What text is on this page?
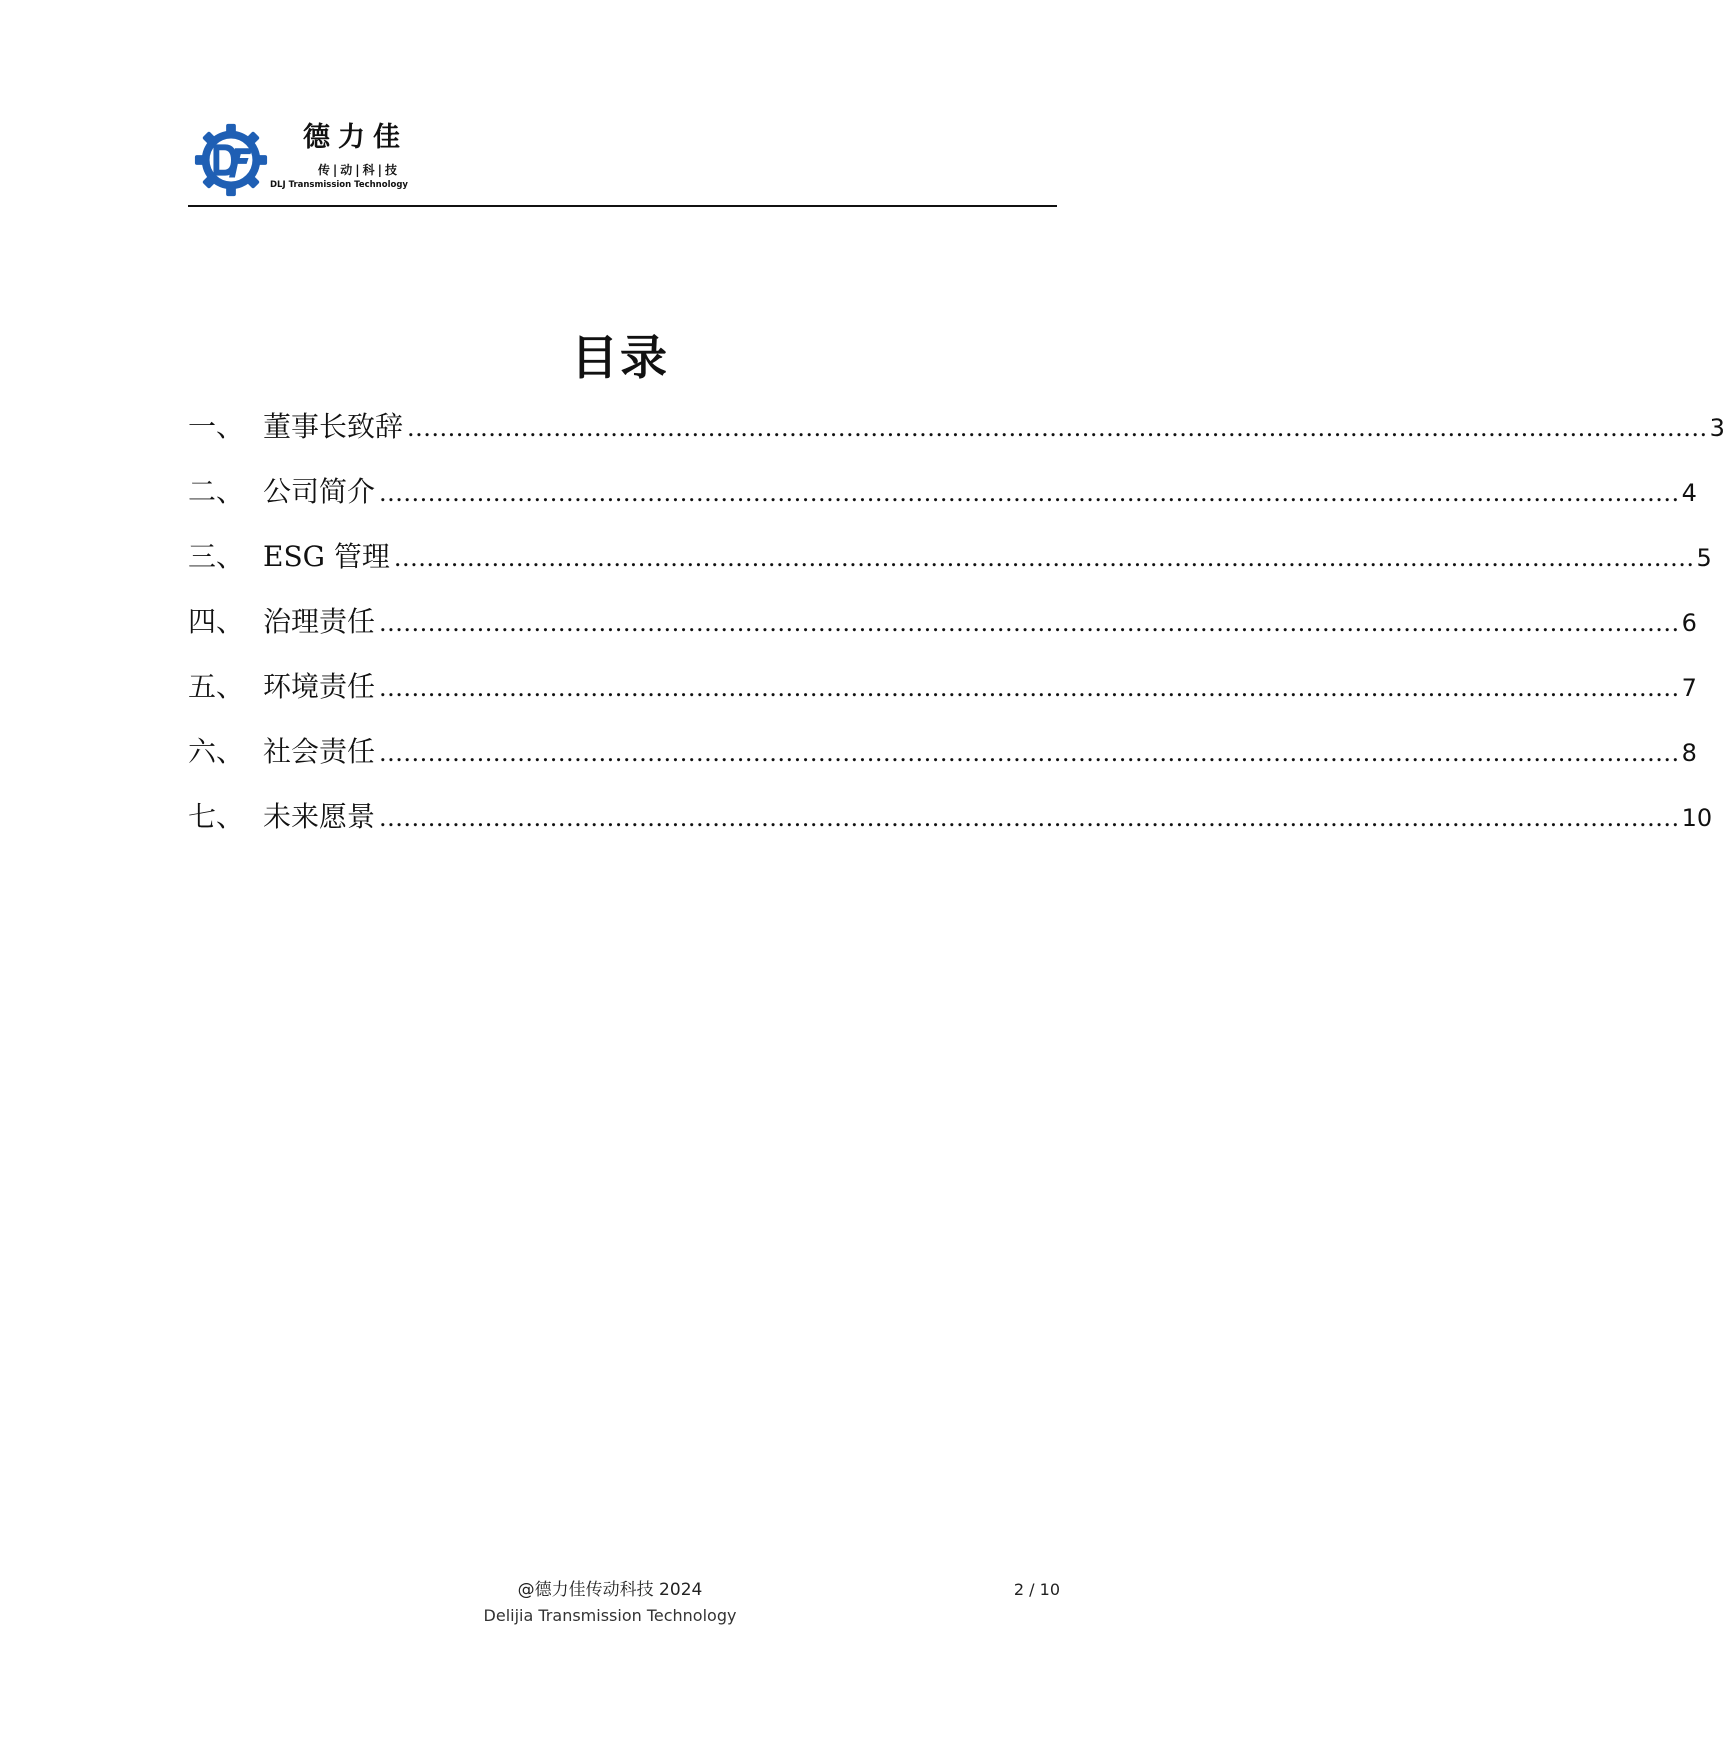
德力佳
传|动|科|技
DLJ Transmission Technology
目录
一、 董事长致辞 ................................................................................................................................................................ 3
二、 公司简介 ................................................................................................................................................................ 4
三、 ESG 管理 ................................................................................................................................................................ 5
四、 治理责任 ................................................................................................................................................................ 6
五、 环境责任 ................................................................................................................................................................ 7
六、 社会责任 ................................................................................................................................................................ 8
七、 未来愿景 ................................................................................................................................................................ 10
@德力佳传动科技 2024
Delijia Transmission Technology
2 / 10
